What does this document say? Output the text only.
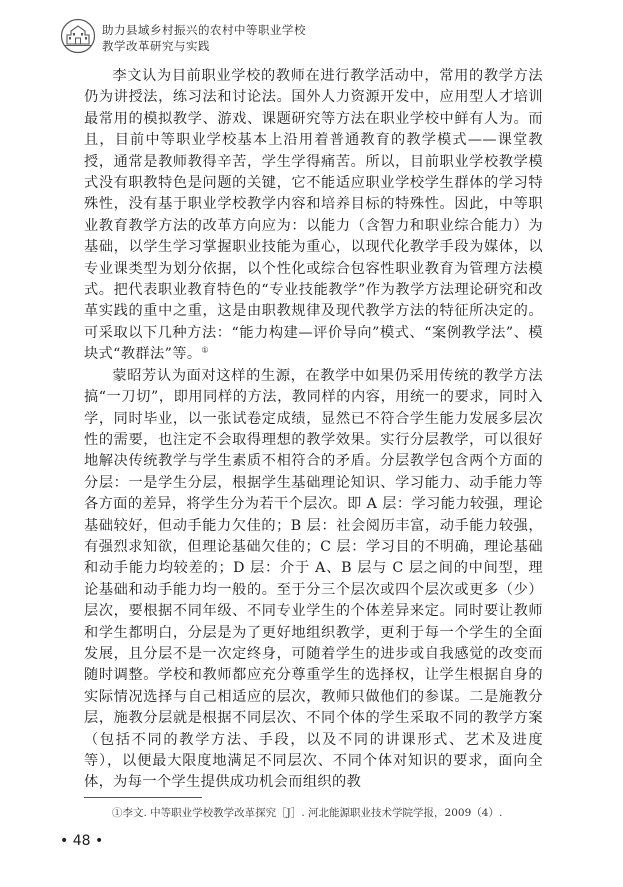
助力县域乡村振兴的农村中等职业学校
教学改革研究与实践

李文认为目前职业学校的教师在进行教学活动中，常用的教学方法仍为讲授法，练习法和讨论法。国外人力资源开发中，应用型人才培训最常用的模拟教学、游戏、课题研究等方法在职业学校中鲜有人为。而且，目前中等职业学校基本上沿用着普通教育的教学模式——课堂教授，通常是教师教得辛苦，学生学得痛苦。所以，目前职业学校教学模式没有职教特色是问题的关键，它不能适应职业学校学生群体的学习特殊性，没有基于职业学校教学内容和培养目标的特殊性。因此，中等职业教育教学方法的改革方向应为：以能力（含智力和职业综合能力）为基础，以学生学习掌握职业技能为重心，以现代化教学手段为媒体，以专业课类型为划分依据，以个性化或综合包容性职业教育为管理方法模式。把代表职业教育特色的“专业技能教学”作为教学方法理论研究和改革实践的重中之重，这是由职教规律及现代教学方法的特征所决定的。可采取以下几种方法：“能力构建—评价导向”模式、“案例教学法”、模块式“教群法”等。①

蒙昭芳认为面对这样的生源，在教学中如果仍采用传统的教学方法搞“一刀切”，即用同样的方法，教同样的内容，用统一的要求，同时入学，同时毕业，以一张试卷定成绩，显然已不符合学生能力发展多层次性的需要，也注定不会取得理想的教学效果。实行分层教学，可以很好地解决传统教学与学生素质不相符合的矛盾。分层教学包含两个方面的分层：一是学生分层，根据学生基础理论知识、学习能力、动手能力等各方面的差异，将学生分为若干个层次。即 A 层：学习能力较强，理论基础较好，但动手能力欠佳的；B 层：社会阅历丰富，动手能力较强，有强烈求知欲，但理论基础欠佳的；C 层：学习目的不明确，理论基础和动手能力均较差的；D 层：介于 A、B 层与 C 层之间的中间型，理论基础和动手能力均一般的。至于分三个层次或四个层次或更多（少）层次，要根据不同年级、不同专业学生的个体差异来定。同时要让教师和学生都明白，分层是为了更好地组织教学，更利于每一个学生的全面发展，且分层不是一次定终身，可随着学生的进步或自我感觉的改变而随时调整。学校和教师都应充分尊重学生的选择权，让学生根据自身的实际情况选择与自己相适应的层次，教师只做他们的参谋。二是施教分层，施教分层就是根据不同层次、不同个体的学生采取不同的教学方案（包括不同的教学方法、手段，以及不同的讲课形式、艺术及进度等），以便最大限度地满足不同层次、不同个体对知识的要求，面向全体，为每一个学生提供成功机会而组织的教

①李文. 中等职业学校教学改革探究［J］. 河北能源职业技术学院学报，2009（4）.
• 48 •
